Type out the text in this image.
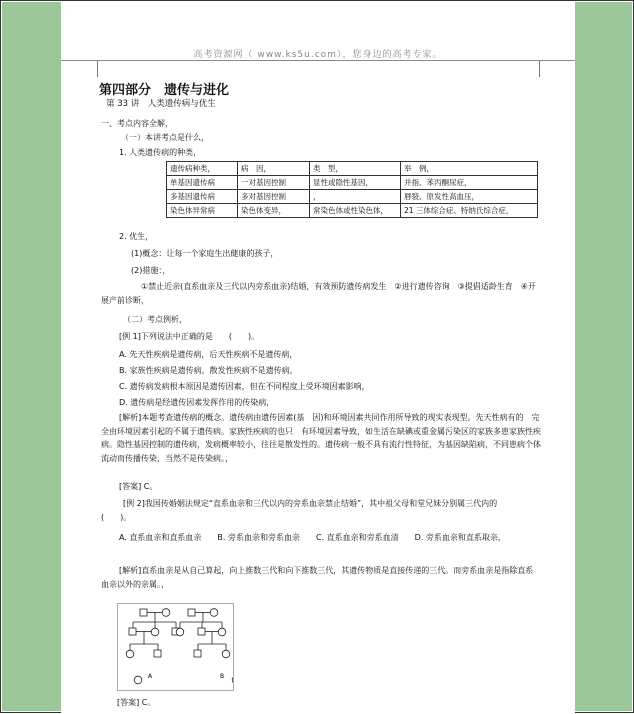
高考资源网（ www.ks5u.com），您身边的高考专家。
第四部分　遗传与进化
第 33 讲　人类遗传病与优生
一、考点内容全解，
（一）本讲考点是什么，
1. 人类遗传病的种类，
遗传病种类，	病　因，	类　型，	举　例，
单基因遗传病	一对基因控制	显性或隐性基因，	并指、苯丙酮尿症，
多基因遗传病	多对基因控制	，	唇裂、原发性高血压，
染色体异常病	染色体变异，	常染色体或性染色体，	21 三体综合症、特纳氏综合症，
2. 优生，
(1)概念：让每一个家庭生出健康的孩子，
(2)措施：，
①禁止近亲(直系血亲及三代以内旁系血亲)结婚，有效预防遗传病发生　②进行遗传咨询　③提倡适龄生育　④开展产前诊断，
（二）考点例析，
[例 1]下列说法中正确的是　　(　　)。
A. 先天性疾病是遗传病，后天性疾病不是遗传病，
B. 家族性疾病是遗传病，散发性疾病不是遗传病，
C. 遗传病发病根本原因是遗传因素，但在不同程度上受环境因素影响，
D. 遗传病是经遗传因素发挥作用的传染病，
[解析]本题考查遗传病的概念。遗传病由遗传因素(基　因)和环境因素共同作用所导致的现实表现型。先天性病有的　完全由环境因素引起的不属于遗传病。家族性疾病的也只　有环境因素导致，如生活在缺碘或重金属污染区的家族多患家族性疾病。隐性基因控制的遗传病，发病概率较小，往往是散发性的。遗传病一般不具有流行性特征，为基因缺陷病，不同患病个体流动而传播传染，当然不是传染病。，
[答案] C。
[例 2]我国传婚姻法规定“直系血亲和三代以内的旁系血亲禁止结婚”，其中祖父母和堂兄妹分别属三代内的　　(　　)。
A. 直系血亲和直系血亲　　B. 旁系血亲和旁系血亲　　C. 直系血亲和旁系血清　　D. 旁系血亲和直系取亲，
[解析]直系血亲是从自己算起，向上推数三代和向下推数三代，其遗传物质是直接传递的三代。而旁系血亲是指除直系血亲以外的亲属。，
A	B
[答案] C。
